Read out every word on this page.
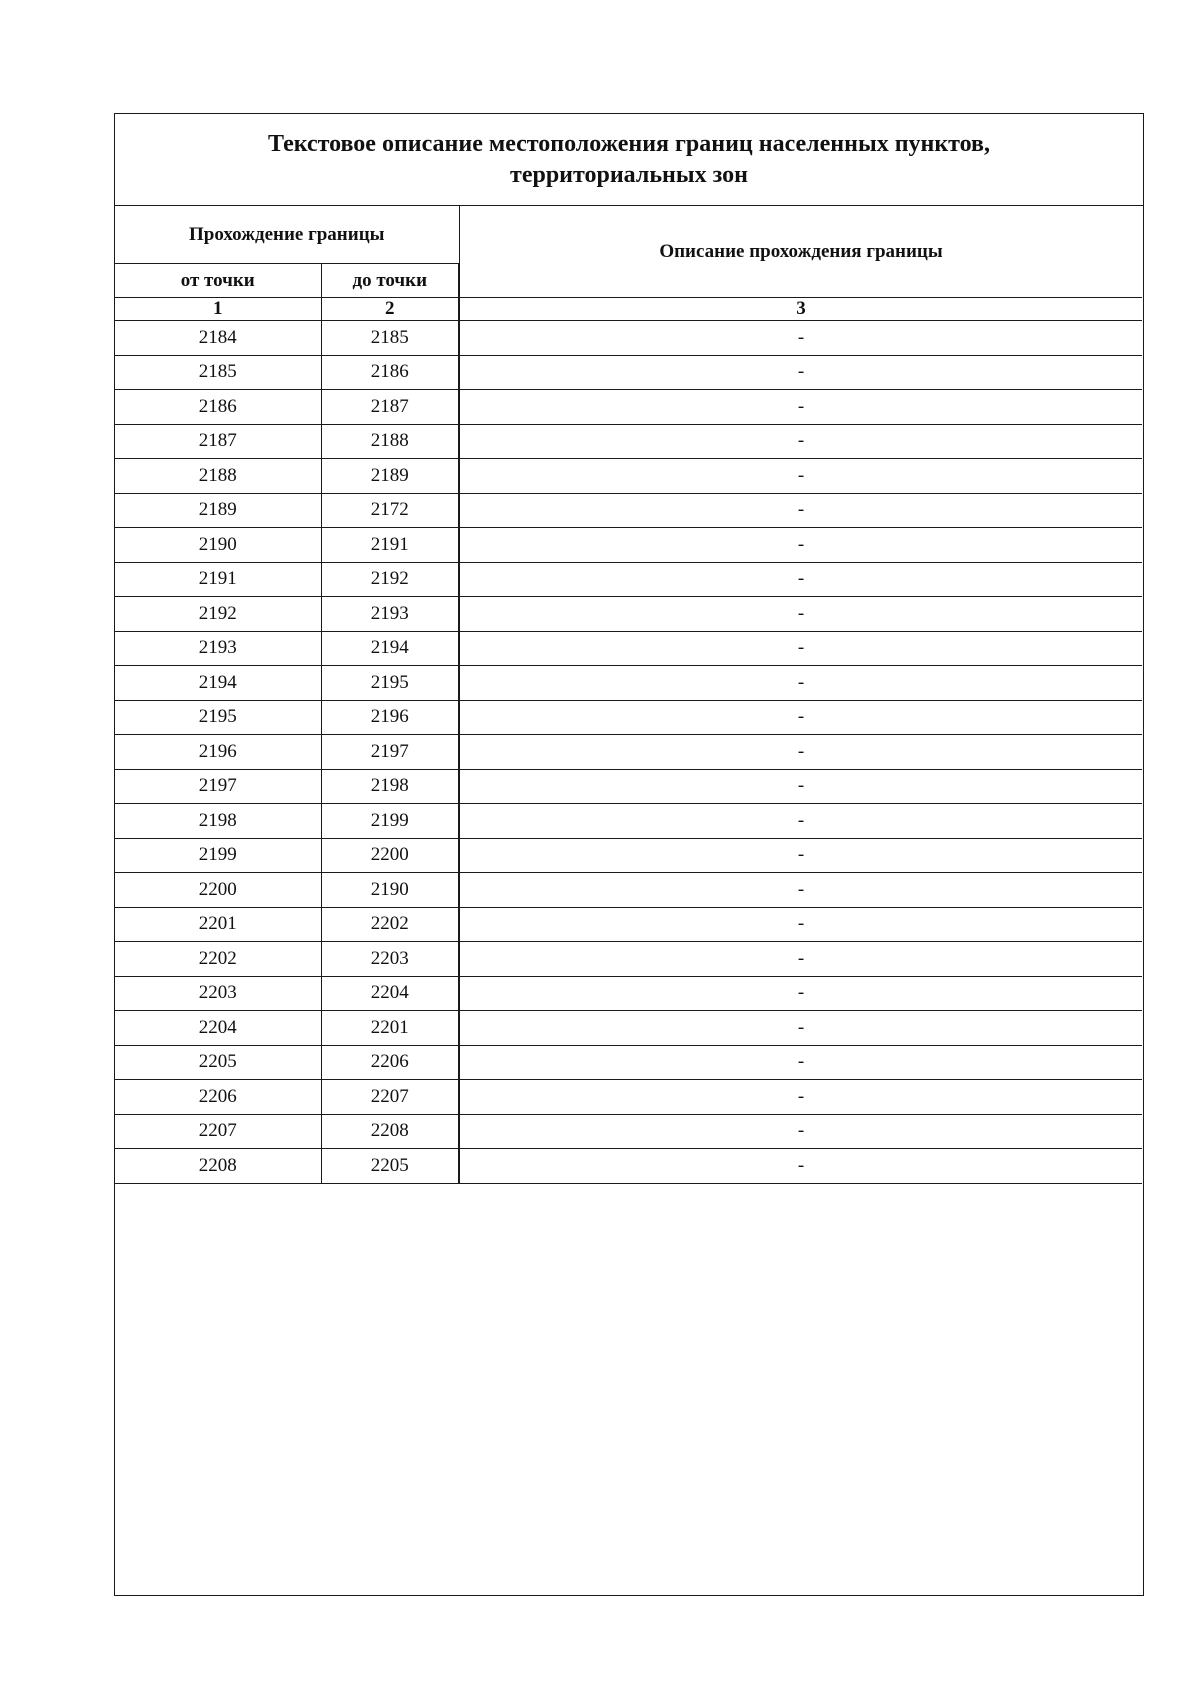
Текстовое описание местоположения границ населенных пунктов,
территориальных зон
Прохождение границы		Описание прохождения границы
от точки	до точки	
1	2	3
2184	2185	-
2185	2186	-
2186	2187	-
2187	2188	-
2188	2189	-
2189	2172	-
2190	2191	-
2191	2192	-
2192	2193	-
2193	2194	-
2194	2195	-
2195	2196	-
2196	2197	-
2197	2198	-
2198	2199	-
2199	2200	-
2200	2190	-
2201	2202	-
2202	2203	-
2203	2204	-
2204	2201	-
2205	2206	-
2206	2207	-
2207	2208	-
2208	2205	-
